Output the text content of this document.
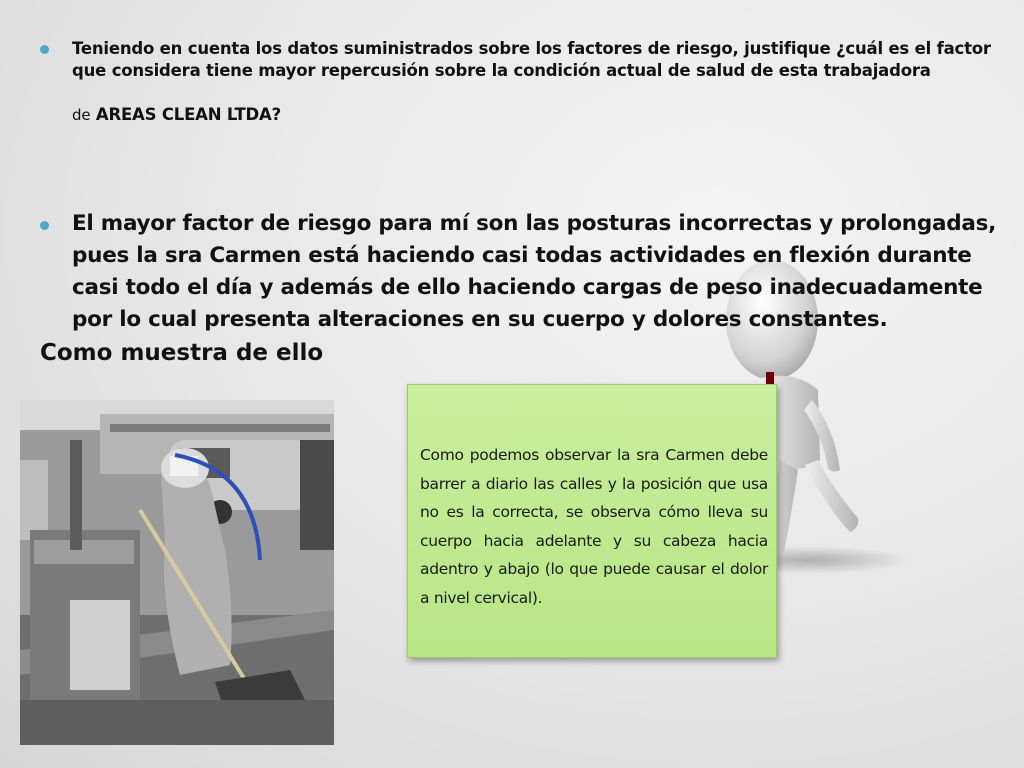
Teniendo en cuenta los datos suministrados sobre los factores de riesgo, justifique ¿cuál es el factor que considera tiene mayor repercusión sobre la condición actual de salud de esta trabajadora
de AREAS CLEAN LTDA?
El mayor factor de riesgo para mí son las posturas incorrectas y prolongadas, pues la sra Carmen está haciendo casi todas actividades en flexión durante casi todo el día y además de ello haciendo cargas de peso inadecuadamente por lo cual presenta alteraciones en su cuerpo y dolores constantes.
Como muestra de ello

Como podemos observar la sra Carmen debe barrer a diario las calles y la posición que usa no es la correcta, se observa cómo lleva su cuerpo hacia adelante y su cabeza hacia adentro y abajo (lo que puede causar el dolor a nivel cervical).
